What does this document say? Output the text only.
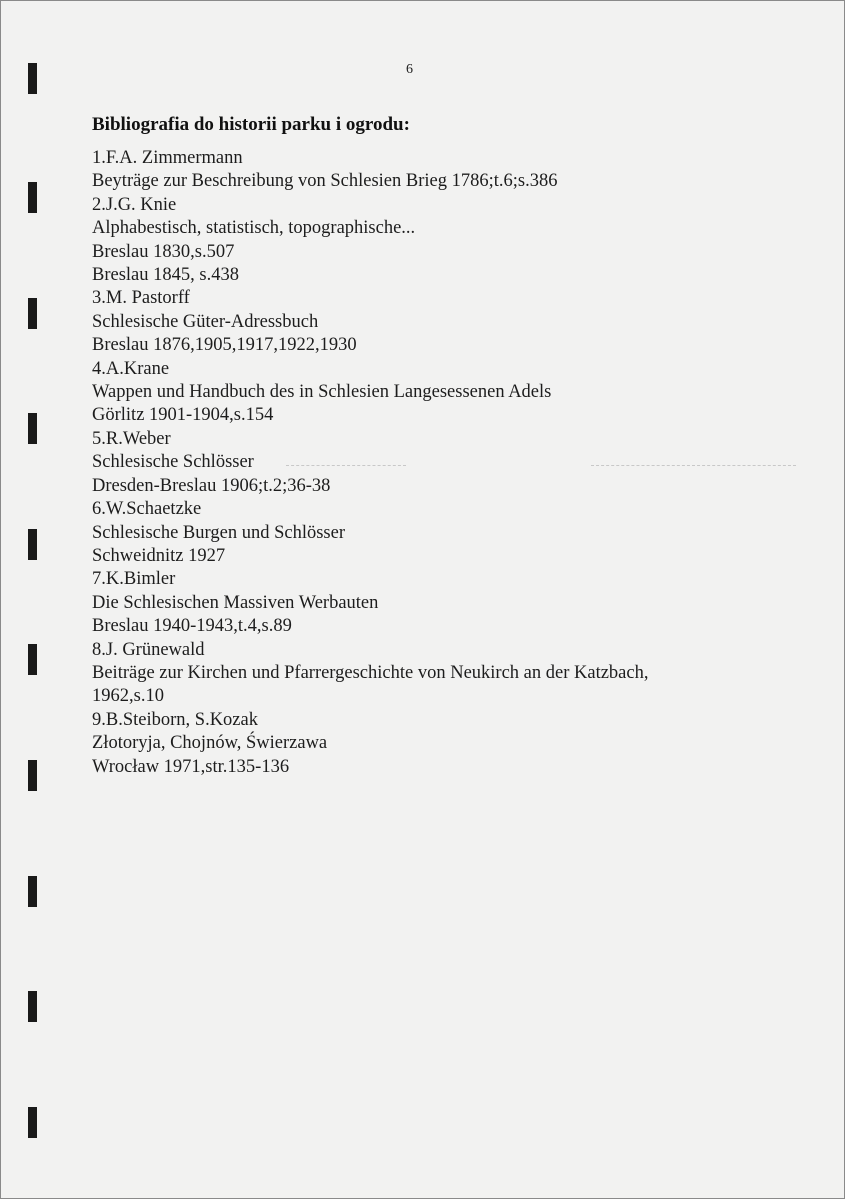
6
Bibliografia do historii parku i ogrodu:
1.F.A. Zimmermann
Beyträge zur Beschreibung von Schlesien Brieg 1786;t.6;s.386
2.J.G. Knie
Alphabestisch, statistisch, topographische...
Breslau 1830,s.507
Breslau 1845, s.438
3.M. Pastorff
Schlesische Güter-Adressbuch
Breslau 1876,1905,1917,1922,1930
4.A.Krane
Wappen und Handbuch des in Schlesien Langesessenen Adels
Görlitz 1901-1904,s.154
5.R.Weber
Schlesische Schlösser
Dresden-Breslau 1906;t.2;36-38
6.W.Schaetzke
Schlesische Burgen und Schlösser
Schweidnitz 1927
7.K.Bimler
Die Schlesischen Massiven Werbauten
Breslau 1940-1943,t.4,s.89
8.J. Grünewald
Beiträge zur Kirchen und Pfarrergeschichte von Neukirch an der Katzbach,
1962,s.10
9.B.Steiborn, S.Kozak
Złotoryja, Chojnów, Świerzawa
Wrocław 1971,str.135-136
